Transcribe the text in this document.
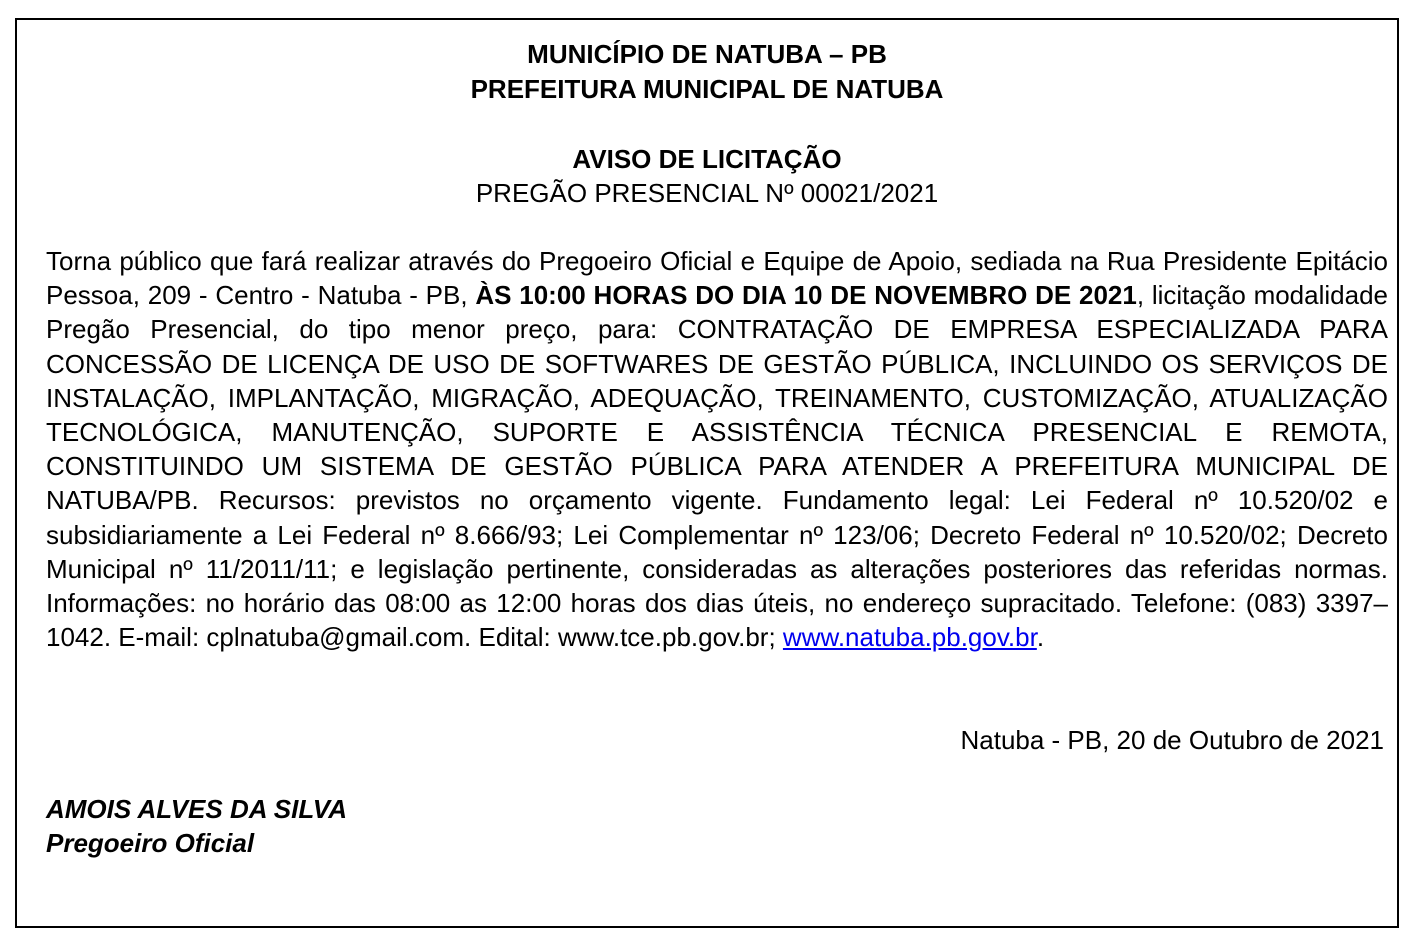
MUNICÍPIO DE NATUBA – PB
PREFEITURA MUNICIPAL DE NATUBA
AVISO DE LICITAÇÃO
PREGÃO PRESENCIAL Nº 00021/2021
Torna público que fará realizar através do Pregoeiro Oficial e Equipe de Apoio, sediada na Rua Presidente Epitácio Pessoa, 209 - Centro - Natuba - PB, ÀS 10:00 HORAS DO DIA 10 DE NOVEMBRO DE 2021, licitação modalidade Pregão Presencial, do tipo menor preço, para: CONTRATAÇÃO DE EMPRESA ESPECIALIZADA PARA CONCESSÃO DE LICENÇA DE USO DE SOFTWARES DE GESTÃO PÚBLICA, INCLUINDO OS SERVIÇOS DE INSTALAÇÃO, IMPLANTAÇÃO, MIGRAÇÃO, ADEQUAÇÃO, TREINAMENTO, CUSTOMIZAÇÃO, ATUALIZAÇÃO TECNOLÓGICA, MANUTENÇÃO, SUPORTE E ASSISTÊNCIA TÉCNICA PRESENCIAL E REMOTA, CONSTITUINDO UM SISTEMA DE GESTÃO PÚBLICA PARA ATENDER A PREFEITURA MUNICIPAL DE NATUBA/PB. Recursos: previstos no orçamento vigente. Fundamento legal: Lei Federal nº 10.520/02 e subsidiariamente a Lei Federal nº 8.666/93; Lei Complementar nº 123/06; Decreto Federal nº 10.520/02; Decreto Municipal nº 11/2011/11; e legislação pertinente, consideradas as alterações posteriores das referidas normas. Informações: no horário das 08:00 as 12:00 horas dos dias úteis, no endereço supracitado. Telefone: (083) 3397–1042. E-mail: cplnatuba@gmail.com. Edital: www.tce.pb.gov.br; www.natuba.pb.gov.br.
Natuba - PB, 20 de Outubro de 2021
AMOIS ALVES DA SILVA
Pregoeiro Oficial
